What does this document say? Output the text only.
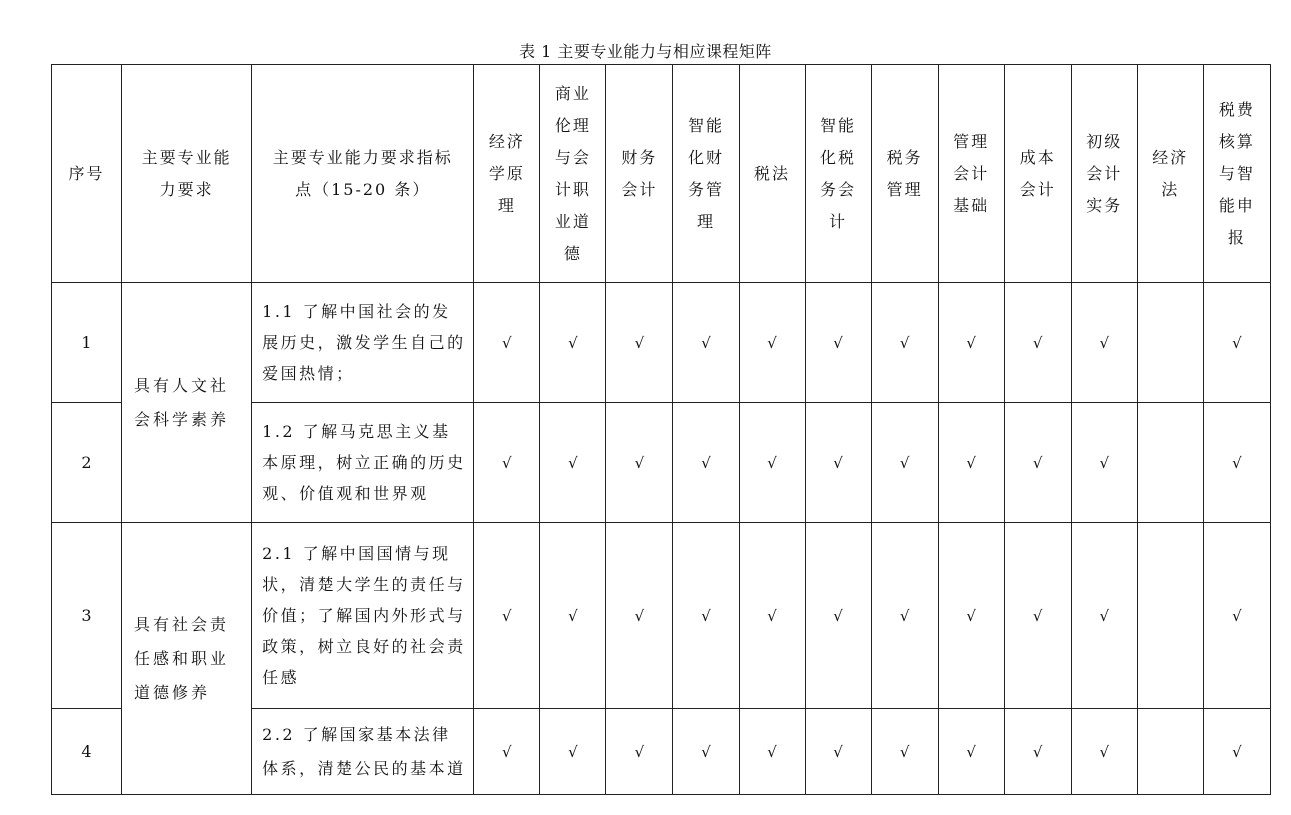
表 1 主要专业能力与相应课程矩阵
序号	主要专业能力要求	主要专业能力要求指标点（15-20 条）	经济学原理	商业伦理与会计职业道德	财务会计	智能化财务管理	税法	智能化税务会计	税务管理	管理会计基础	成本会计	初级会计实务	经济法	税费核算与智能申报

1	具有人文社会科学素养	1.1 了解中国社会的发展历史，激发学生自己的爱国热情；	√	√	√	√	√	√	√	√	√	√		√
2		1.2 了解马克思主义基本原理，树立正确的历史观、价值观和世界观	√	√	√	√	√	√	√	√	√	√		√
3	具有社会责任感和职业道德修养	2.1 了解中国国情与现状，清楚大学生的责任与价值；了解国内外形式与政策，树立良好的社会责任感	√	√	√	√	√	√	√	√	√	√		√
4		2.2 了解国家基本法律体系，清楚公民的基本道	√	√	√	√	√	√	√	√	√	√		√
